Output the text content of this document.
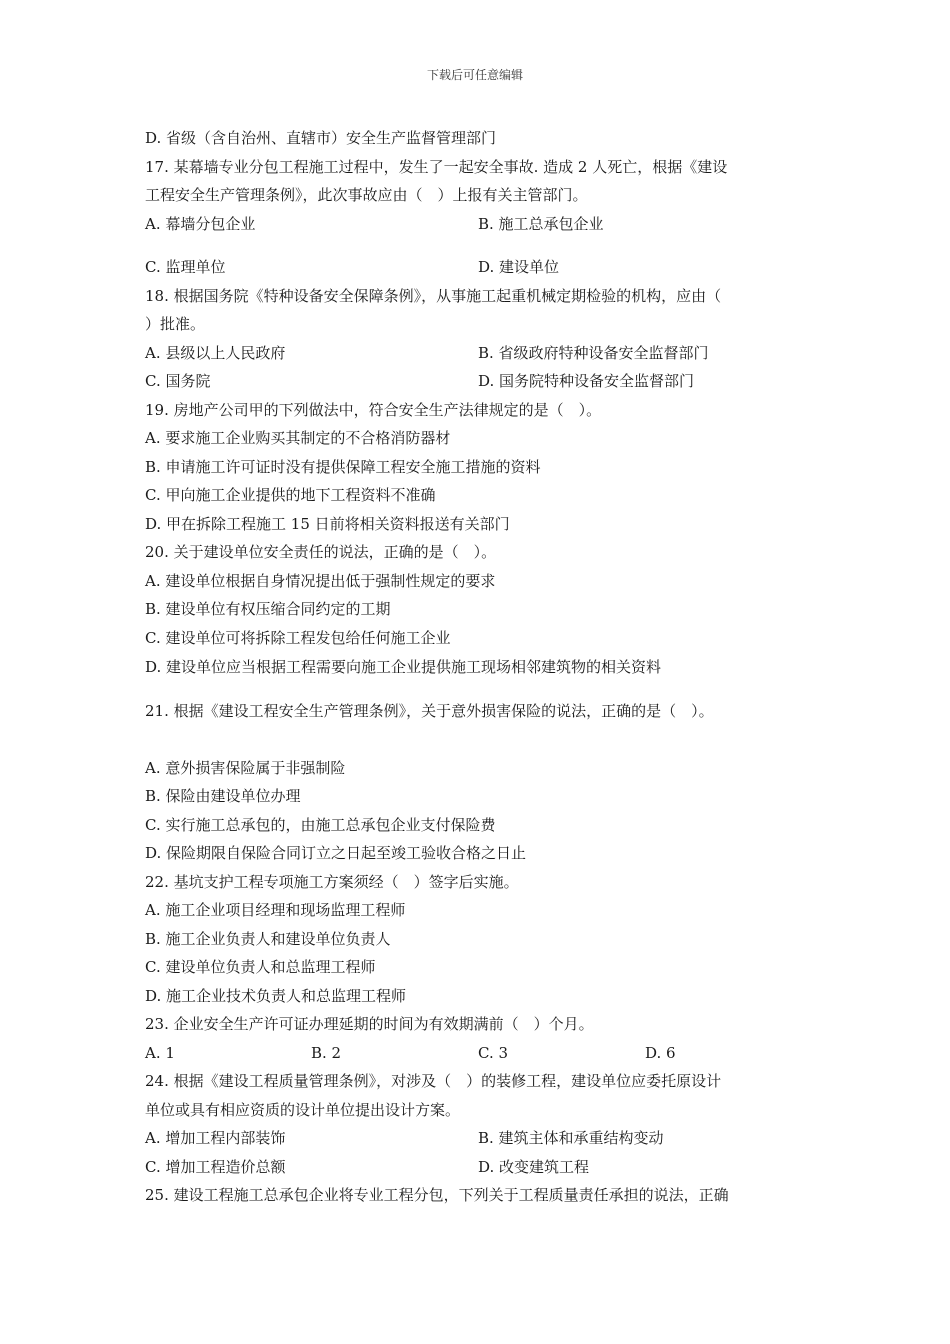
下载后可任意编辑
D. 省级（含自治州、直辖市）安全生产监督管理部门
17. 某幕墙专业分包工程施工过程中，发生了一起安全事故. 造成 2 人死亡，根据《建设
工程安全生产管理条例》，此次事故应由（　）上报有关主管部门。
A. 幕墙分包企业	B. 施工总承包企业
C. 监理单位	D. 建设单位
18. 根据国务院《特种设备安全保障条例》，从事施工起重机械定期检验的机构，应由（
）批准。
A. 县级以上人民政府	B. 省级政府特种设备安全监督部门
C. 国务院	D. 国务院特种设备安全监督部门
19. 房地产公司甲的下列做法中，符合安全生产法律规定的是（　）。
A. 要求施工企业购买其制定的不合格消防器材
B. 申请施工许可证时没有提供保障工程安全施工措施的资料
C. 甲向施工企业提供的地下工程资料不准确
D. 甲在拆除工程施工 15 日前将相关资料报送有关部门
20. 关于建设单位安全责任的说法，正确的是（　）。
A. 建设单位根据自身情况提出低于强制性规定的要求
B. 建设单位有权压缩合同约定的工期
C. 建设单位可将拆除工程发包给任何施工企业
D. 建设单位应当根据工程需要向施工企业提供施工现场相邻建筑物的相关资料
21. 根据《建设工程安全生产管理条例》，关于意外损害保险的说法，正确的是（　）。
A. 意外损害保险属于非强制险
B. 保险由建设单位办理
C. 实行施工总承包的，由施工总承包企业支付保险费
D. 保险期限自保险合同订立之日起至竣工验收合格之日止
22. 基坑支护工程专项施工方案须经（　）签字后实施。
A. 施工企业项目经理和现场监理工程师
B. 施工企业负责人和建设单位负责人
C. 建设单位负责人和总监理工程师
D. 施工企业技术负责人和总监理工程师
23. 企业安全生产许可证办理延期的时间为有效期满前（　）个月。
A. 1	B. 2	C. 3	D. 6
24. 根据《建设工程质量管理条例》，对涉及（　）的装修工程，建设单位应委托原设计
单位或具有相应资质的设计单位提出设计方案。
A. 增加工程内部装饰	B. 建筑主体和承重结构变动
C. 增加工程造价总额	D. 改变建筑工程
25. 建设工程施工总承包企业将专业工程分包，下列关于工程质量责任承担的说法，正确
